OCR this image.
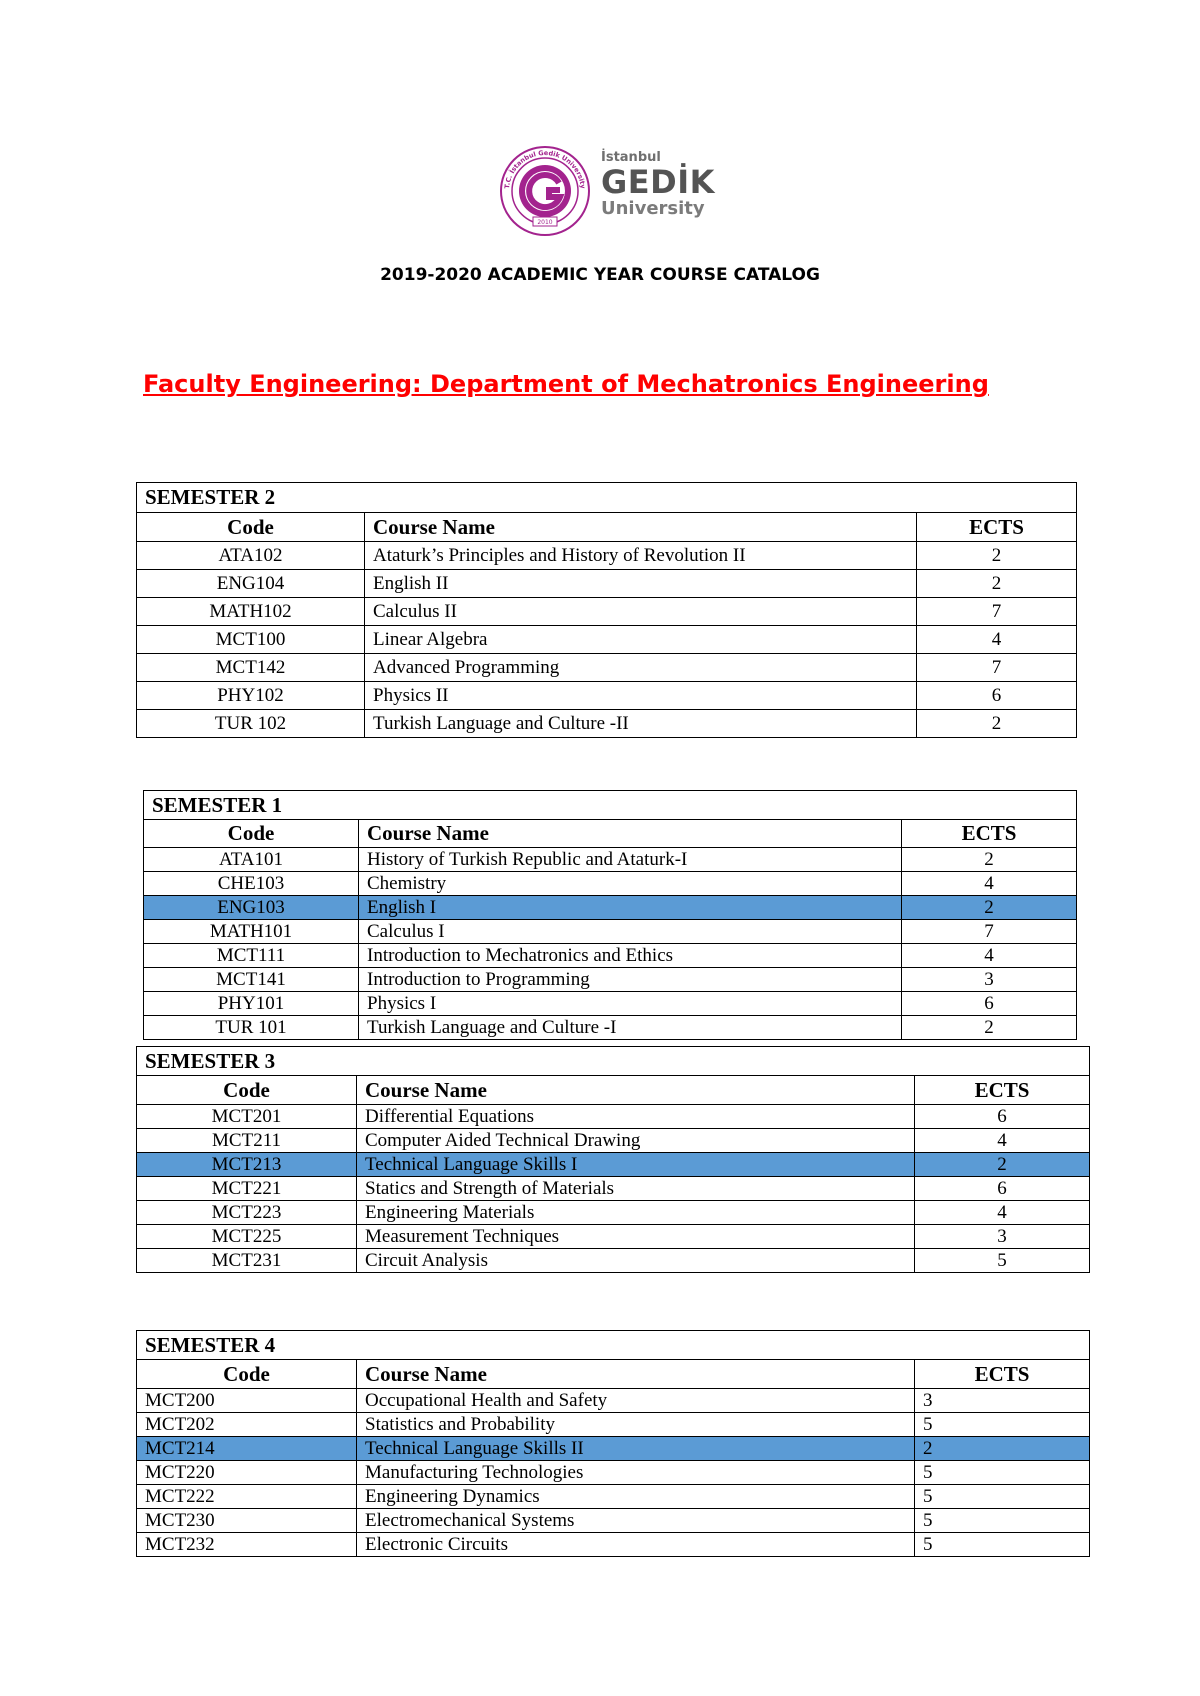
2010
T.C. İstanbul Gedik University
İstanbul
GEDİK
University
2019-2020 ACADEMIC YEAR COURSE CATALOG
Faculty Engineering: Department of Mechatronics Engineering
SEMESTER 2		
Code	Course Name	ECTS
ATA102	Ataturk’s Principles and History of Revolution II	2
ENG104	English II	2
MATH102	Calculus II	7
MCT100	Linear Algebra	4
MCT142	Advanced Programming	7
PHY102	Physics II	6
TUR 102	Turkish Language and Culture -II	2
SEMESTER 1		
Code	Course Name	ECTS
ATA101	History of Turkish Republic and Ataturk-I	2
CHE103	Chemistry	4
ENG103	English I	2
MATH101	Calculus I	7
MCT111	Introduction to Mechatronics and Ethics	4
MCT141	Introduction to Programming	3
PHY101	Physics I	6
TUR 101	Turkish Language and Culture -I	2
SEMESTER 3		
Code	Course Name	ECTS
MCT201	Differential Equations	6
MCT211	Computer Aided Technical Drawing	4
MCT213	Technical Language Skills I	2
MCT221	Statics and Strength of Materials	6
MCT223	Engineering Materials	4
MCT225	Measurement Techniques	3
MCT231	Circuit Analysis	5
SEMESTER 4		
Code	Course Name	ECTS
MCT200	Occupational Health and Safety	3
MCT202	Statistics and Probability	5
MCT214	Technical Language Skills II	2
MCT220	Manufacturing Technologies	5
MCT222	Engineering Dynamics	5
MCT230	Electromechanical Systems	5
MCT232	Electronic Circuits	5
